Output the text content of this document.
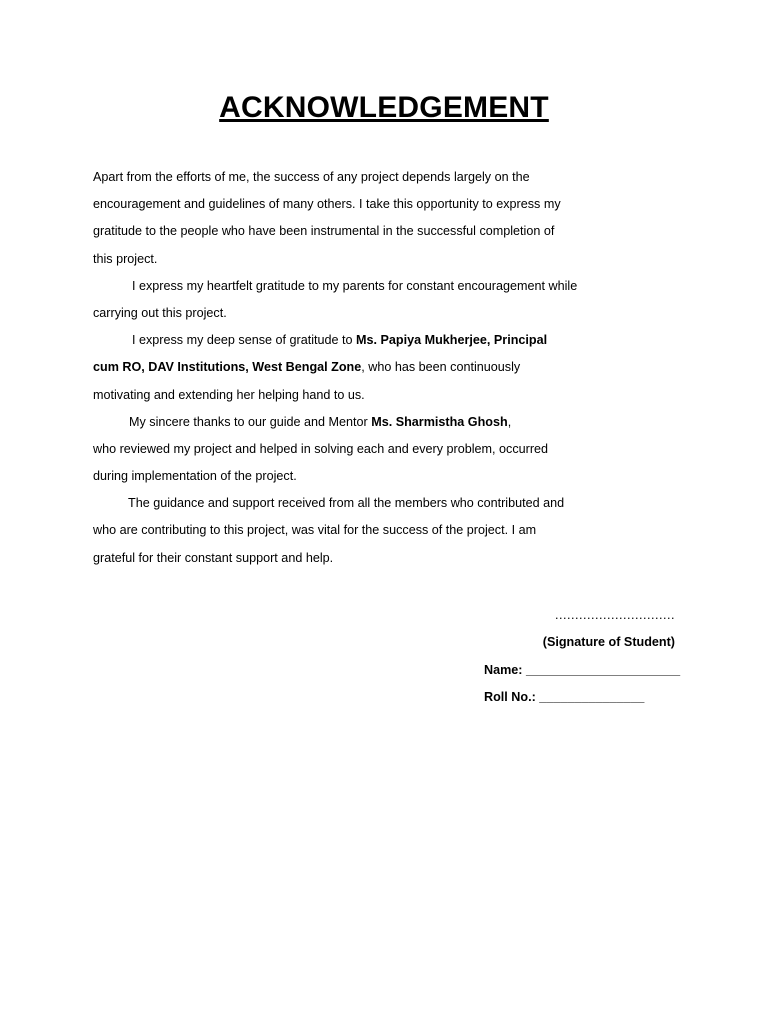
ACKNOWLEDGEMENT
Apart from the efforts of me, the success of any project depends largely on the
encouragement and guidelines of many others. I take this opportunity to express my
gratitude to the people who have been instrumental in the successful completion of
this project.
I express my heartfelt gratitude to my parents for constant encouragement while
carrying out this project.
I express my deep sense of gratitude to Ms. Papiya Mukherjee, Principal
cum RO, DAV Institutions, West Bengal Zone, who has been continuously
motivating and extending her helping hand to us.
My sincere thanks to our guide and Mentor Ms. Sharmistha Ghosh,
who reviewed my project and helped in solving each and every problem, occurred
during implementation of the project.
The guidance and support received from all the members who contributed and
who are contributing to this project, was vital for the success of the project. I am
grateful for their constant support and help.
..............................
(Signature of Student)
Name: ______________________
Roll No.: _______________
